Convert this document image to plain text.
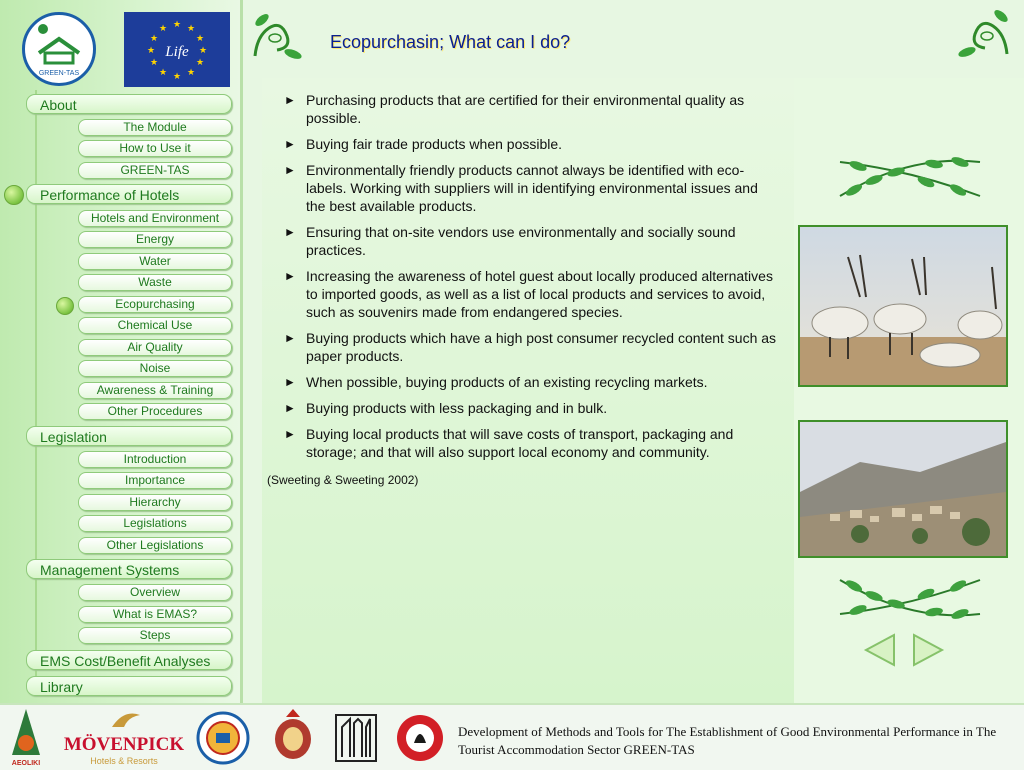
GREEN-TAS
★ ★
★
★
★
★
★
★
★
★
★
★
Life
About
The Module
How to Use it
GREEN-TAS
Performance of Hotels
Hotels and Environment
Energy
Water
Waste
Ecopurchasing
Chemical Use
Air Quality
Noise
Awareness & Training
Other Procedures
Legislation
Introduction
Importance
Hierarchy
Legislations
Other Legislations
Management Systems
Overview
What is EMAS?
Steps
EMS Cost/Benefit Analyses
Library
Ecopurchasin; What can I do?
► Purchasing products that are certified for their environmental quality as possible.
► Buying fair trade products when possible.
► Environmentally friendly products cannot always be identified with eco-labels. Working with suppliers will in identifying environmental issues and the best available products.
► Ensuring that on-site vendors use environmentally and socially sound practices.
► Increasing the awareness of hotel guest about locally produced alternatives to imported goods, as well as a list of local products and services to avoid, such as souvenirs made from endangered species.
► Buying products which have a high post consumer recycled content such as paper products.
► When possible, buying products of an existing recycling markets.
► Buying products with less packaging and in bulk.
► Buying local products that will save costs of transport, packaging and storage; and that will also support local economy and community.
(Sweeting & Sweeting 2002)
AEOLIKI
MÖVENPICK
Hotels & Resorts
Development of Methods and Tools for The Establishment of Good Environmental Performance in The Tourist Accommodation Sector GREEN-TAS
